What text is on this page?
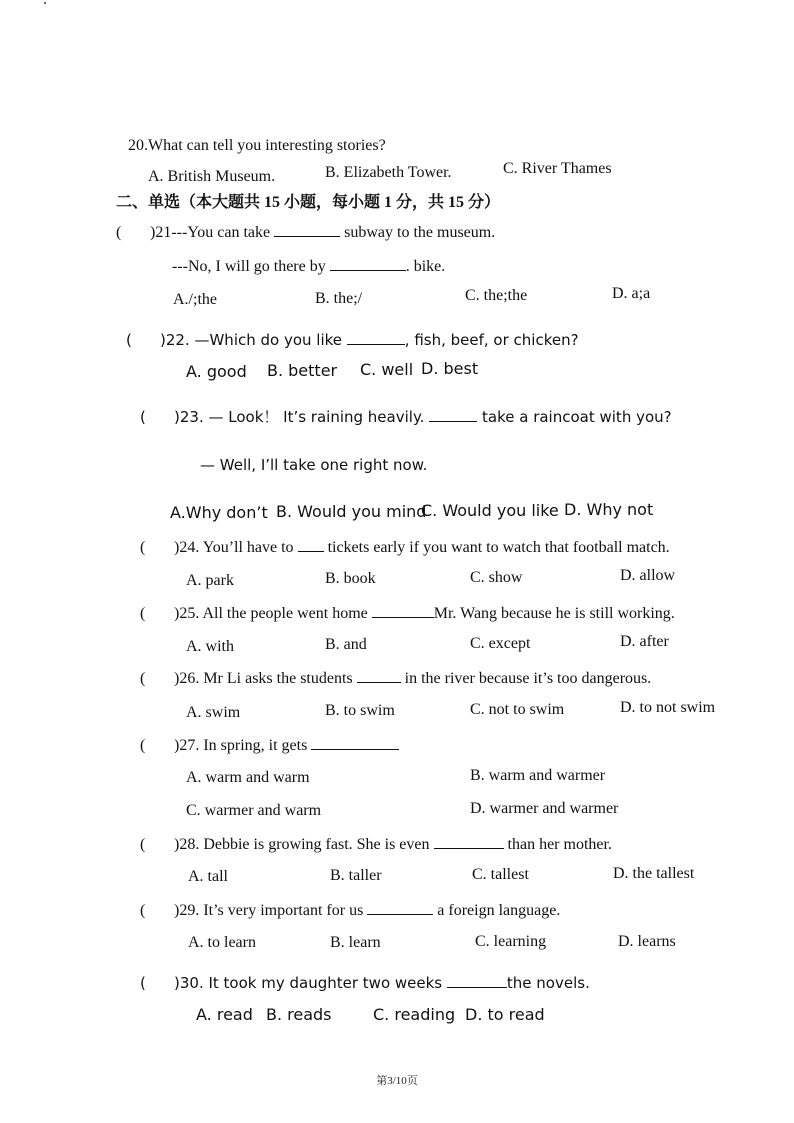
20.What can tell you interesting stories?
A. British Museum.	B. Elizabeth Tower.	C. River Thames
二、单选（本大题共 15 小题，每小题 1 分，共 15 分）
( )21---You can take	subway to the museum.
---No, I will go there by	. bike.
A./;the	B. the;/	C. the;the	D. a;a
( )22. —Which do you like	, fish, beef, or chicken?
A. good B. better C. well D. best
( )23. — Look！ It’s raining heavily.	take a raincoat with you?
— Well, I’ll take one right now.
A.Why don’t B. Would you mind
C. Would you like D. Why not
( )24. You’ll have to tickets early if you want to watch that football match.
A. park	B. book	C. show	D. allow
( )25. All the people went home	Mr. Wang because he is still working.
A. with	B. and	C. except	D. after
( )26. Mr Li asks the students	in the river because it’s too dangerous.
A. swim	B. to swim	C. not to swim	D. to not swim
( )27. In spring, it gets
A. warm and warm	B. warm and warmer
C. warmer and warm	D. warmer and warmer
( )28. Debbie is growing fast. She is even	than her mother.
A. tall	B. taller	C. tallest	D. the tallest
( )29. It’s very important for us	a foreign language.
A. to learn	B. learn	C. learning	D. learns
( )30. It took my daughter two weeks	the novels.
A. read B. reads	C. reading D. to read
第3/10页
